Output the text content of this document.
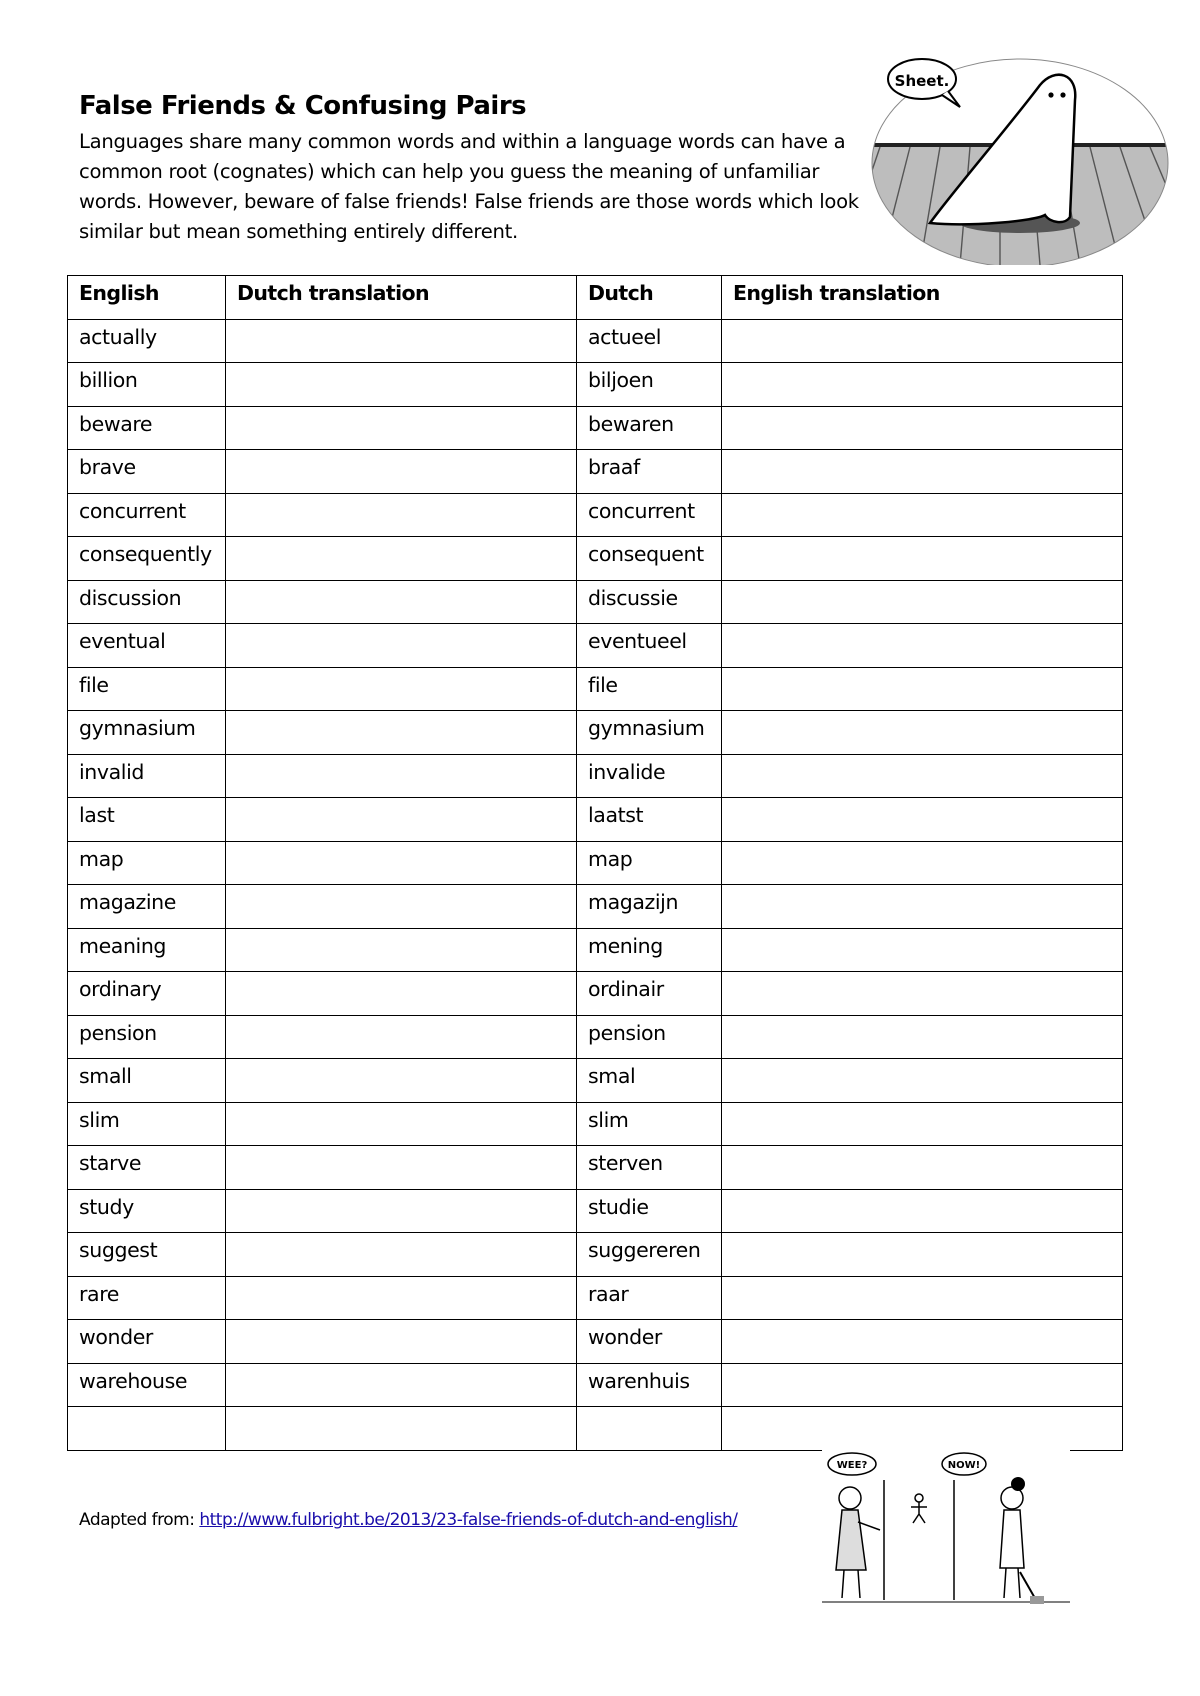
False Friends & Confusing Pairs

Languages share many common words and within a language words can have a common root (cognates) which can help you guess the meaning of unfamiliar words. However, beware of false friends! False friends are those words which look similar but mean something entirely different.

Sheet.
English	Dutch translation	Dutch	English translation
actually		actueel	
billion		biljoen	
beware		bewaren	
brave		braaf	
concurrent		concurrent	
consequently		consequent	
discussion		discussie	
eventual		eventueel	
file		file	
gymnasium		gymnasium	
invalid		invalide	
last		laatst	
map		map	
magazine		magazijn	
meaning		mening	
ordinary		ordinair	
pension		pension	
small		smal	
slim		slim	
starve		sterven	
study		studie	
suggest		suggereren	
rare		raar	
wonder		wonder	
warehouse		warenhuis	

Adapted from: http://www.fulbright.be/2013/23-false-friends-of-dutch-and-english/

WEE?	NOW!
